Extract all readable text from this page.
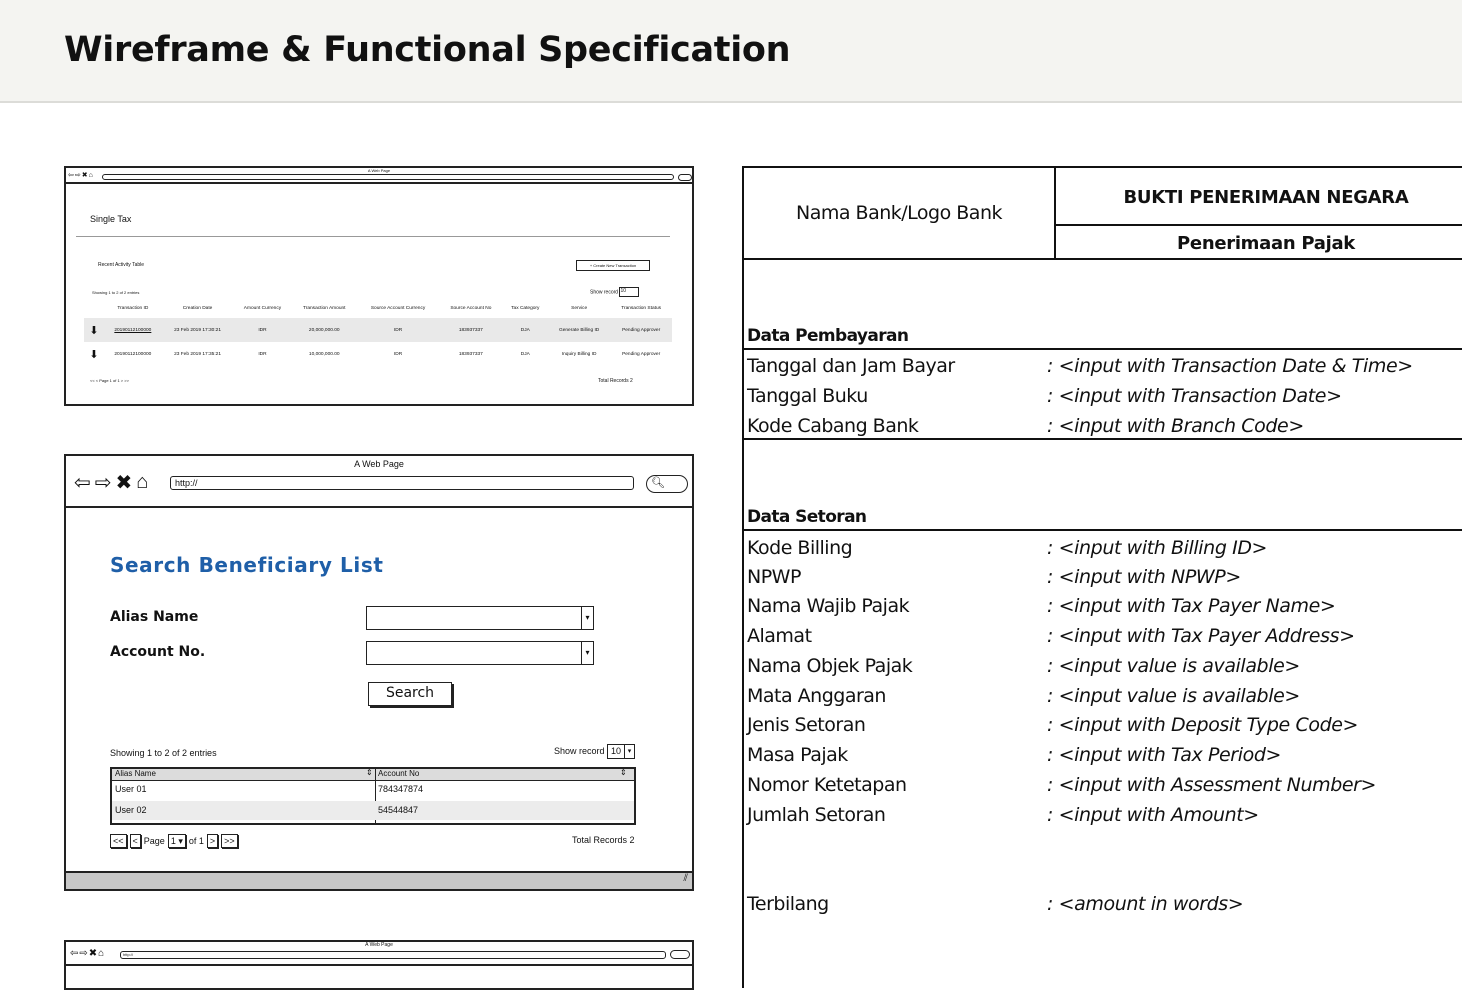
Wireframe & Functional Specification
A Web Page
⇦ ⇨ ✖ ⌂
Single Tax
Recent Activity Table	+ Create New Transaction
Showing 1 to 2 of 2 entries	Show record 10
	Transaction ID	Creation Date	Amount Currency	Transaction Amount	Source Account Currency	Source Account No	Tax Category	Service	Transaction Status
⬇	20190112100000	23 Feb 2019 17:30:21	IDR	20,000,000.00	IDR	183937337	DJA	Generate Billing ID	Pending Approver
⬇	20190112100000	23 Feb 2019 17:35:21	IDR	10,000,000.00	IDR	183937337	DJA	Inquiry Billing ID	Pending Approver
<< < Page 1 of 1 > >>	Total Records 2
A Web Page
⇦ ⇨ ✖ ⌂	http://	🔍︎
Search Beneficiary List
Alias Name	▾
Account No.	▾
Search
Showing 1 to 2 of 2 entries	Show record 10 ▾
Alias Name	⇕ Account No	⇕
User 01	784347874
User 02	54544847
<<	< Page 1 ▾ of 1 >	>>	Total Records 2
⫽
A Web Page
⇦ ⇨ ✖ ⌂	http://
Nama Bank/Logo Bank
BUKTI PENERIMAAN NEGARA
Penerimaan Pajak
Data Pembayaran
Tanggal dan Jam Bayar	: <input with Transaction Date & Time>
Tanggal Buku	: <input with Transaction Date>
Kode Cabang Bank	: <input with Branch Code>
Data Setoran
Kode Billing	: <input with Billing ID>
NPWP	: <input with NPWP>
Nama Wajib Pajak	: <input with Tax Payer Name>
Alamat	: <input with Tax Payer Address>
Nama Objek Pajak	: <input value is available>
Mata Anggaran	: <input value is available>
Jenis Setoran	: <input with Deposit Type Code>
Masa Pajak	: <input with Tax Period>
Nomor Ketetapan	: <input with Assessment Number>
Jumlah Setoran	: <input with Amount>
Terbilang	: <amount in words>
